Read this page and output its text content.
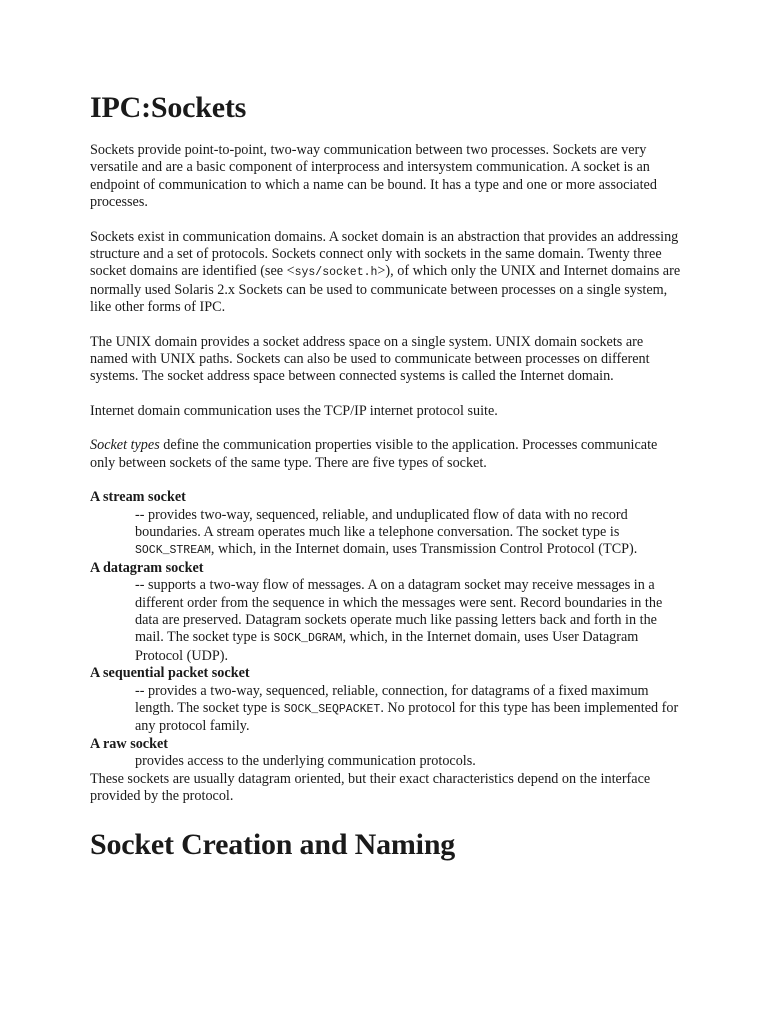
IPC:Sockets

Sockets provide point-to-point, two-way communication between two processes. Sockets are very versatile and are a basic component of interprocess and intersystem communication. A socket is an endpoint of communication to which a name can be bound. It has a type and one or more associated processes.

Sockets exist in communication domains. A socket domain is an abstraction that provides an addressing structure and a set of protocols. Sockets connect only with sockets in the same domain. Twenty three socket domains are identified (see <sys/socket.h>), of which only the UNIX and Internet domains are normally used Solaris 2.x Sockets can be used to communicate between processes on a single system, like other forms of IPC.

The UNIX domain provides a socket address space on a single system. UNIX domain sockets are named with UNIX paths. Sockets can also be used to communicate between processes on different systems. The socket address space between connected systems is called the Internet domain.

Internet domain communication uses the TCP/IP internet protocol suite.

Socket types define the communication properties visible to the application. Processes communicate only between sockets of the same type. There are five types of socket.

A stream socket
-- provides two-way, sequenced, reliable, and unduplicated flow of data with no record boundaries. A stream operates much like a telephone conversation. The socket type is SOCK_STREAM, which, in the Internet domain, uses Transmission Control Protocol (TCP).
A datagram socket
-- supports a two-way flow of messages. A on a datagram socket may receive messages in a different order from the sequence in which the messages were sent. Record boundaries in the data are preserved. Datagram sockets operate much like passing letters back and forth in the mail. The socket type is SOCK_DGRAM, which, in the Internet domain, uses User Datagram Protocol (UDP).
A sequential packet socket
-- provides a two-way, sequenced, reliable, connection, for datagrams of a fixed maximum length. The socket type is SOCK_SEQPACKET. No protocol for this type has been implemented for any protocol family.
A raw socket
provides access to the underlying communication protocols.

These sockets are usually datagram oriented, but their exact characteristics depend on the interface provided by the protocol.

Socket Creation and Naming
